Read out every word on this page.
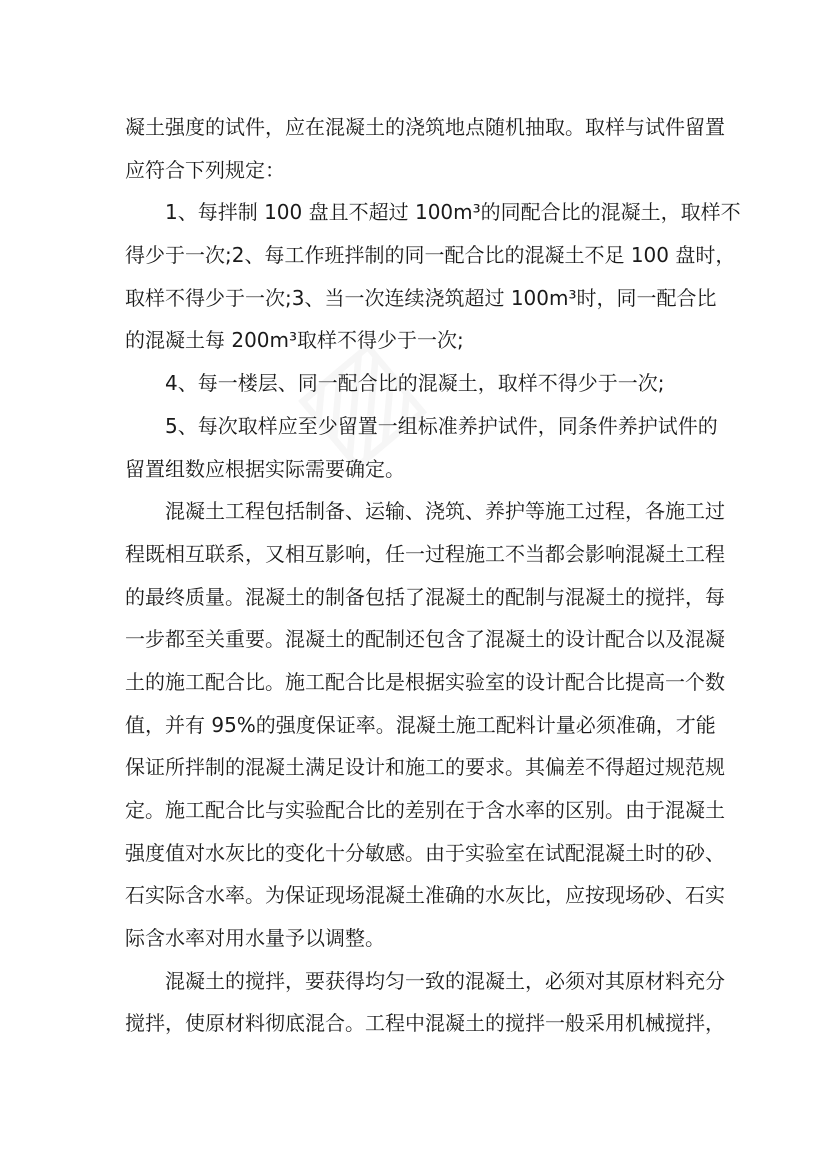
凝土强度的试件，应在混凝土的浇筑地点随机抽取。取样与试件留置
应符合下列规定：
1、每拌制 100 盘且不超过 100m³的同配合比的混凝土，取样不
得少于一次;2、每工作班拌制的同一配合比的混凝土不足 100 盘时，
取样不得少于一次;3、当一次连续浇筑超过 100m³时，同一配合比
的混凝土每 200m³取样不得少于一次;
4、每一楼层、同一配合比的混凝土，取样不得少于一次;
5、每次取样应至少留置一组标准养护试件，同条件养护试件的
留置组数应根据实际需要确定。
混凝土工程包括制备、运输、浇筑、养护等施工过程，各施工过
程既相互联系，又相互影响，任一过程施工不当都会影响混凝土工程
的最终质量。混凝土的制备包括了混凝土的配制与混凝土的搅拌，每
一步都至关重要。混凝土的配制还包含了混凝土的设计配合以及混凝
土的施工配合比。施工配合比是根据实验室的设计配合比提高一个数
值，并有 95%的强度保证率。混凝土施工配料计量必须准确，才能
保证所拌制的混凝土满足设计和施工的要求。其偏差不得超过规范规
定。施工配合比与实验配合比的差别在于含水率的区别。由于混凝土
强度值对水灰比的变化十分敏感。由于实验室在试配混凝土时的砂、
石实际含水率。为保证现场混凝土准确的水灰比，应按现场砂、石实
际含水率对用水量予以调整。
混凝土的搅拌，要获得均匀一致的混凝土，必须对其原材料充分
搅拌，使原材料彻底混合。工程中混凝土的搅拌一般采用机械搅拌，
